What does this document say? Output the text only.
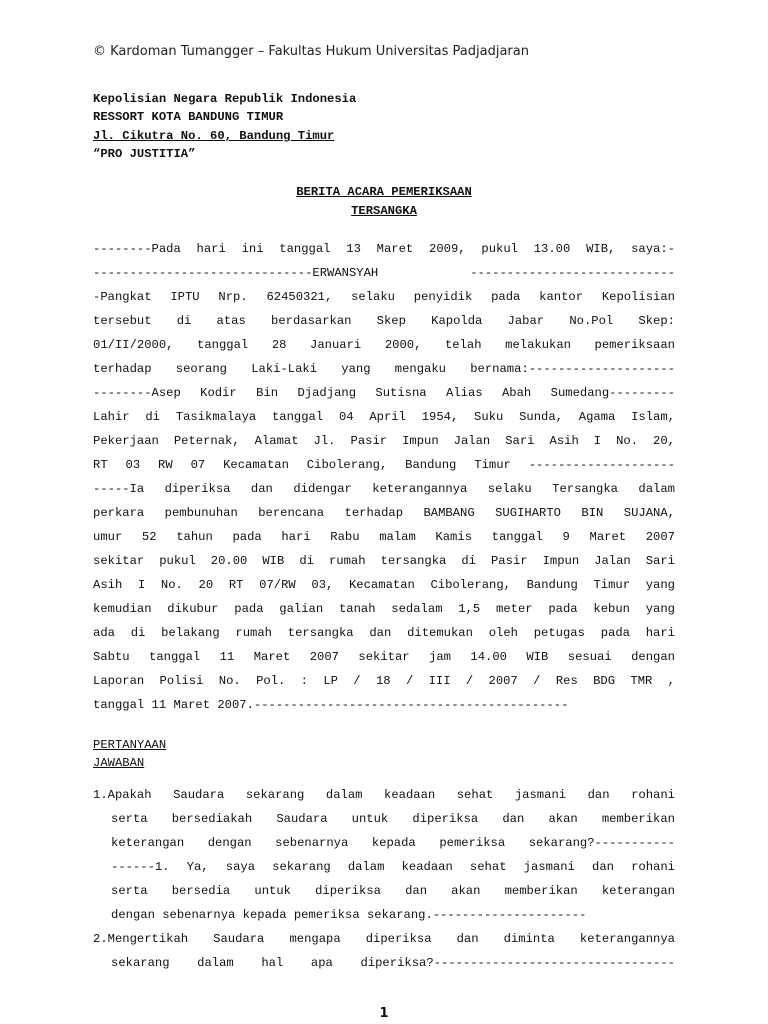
© Kardoman Tumangger – Fakultas Hukum Universitas Padjadjaran
Kepolisian Negara Republik Indonesia
RESSORT KOTA BANDUNG TIMUR
Jl. Cikutra No. 60, Bandung Timur
“PRO JUSTITIA”
BERITA ACARA PEMERIKSAAN
TERSANGKA
--------Pada hari ini tanggal 13 Maret 2009, pukul 13.00 WIB, saya:-
------------------------------ERWANSYAH ----------------------------
-Pangkat IPTU Nrp. 62450321, selaku penyidik pada kantor Kepolisian
tersebut di atas berdasarkan Skep Kapolda Jabar No.Pol Skep:
01/II/2000, tanggal 28 Januari 2000, telah melakukan pemeriksaan
terhadap seorang Laki-Laki yang mengaku bernama:--------------------
--------Asep Kodir Bin Djadjang Sutisna Alias Abah Sumedang---------
Lahir di Tasikmalaya tanggal 04 April 1954, Suku Sunda, Agama Islam,
Pekerjaan Peternak, Alamat Jl. Pasir Impun Jalan Sari Asih I No. 20,
RT 03 RW 07 Kecamatan Cibolerang, Bandung Timur --------------------
-----Ia diperiksa dan didengar keterangannya selaku Tersangka dalam
perkara pembunuhan berencana terhadap BAMBANG SUGIHARTO BIN SUJANA,
umur 52 tahun pada hari Rabu malam Kamis tanggal 9 Maret 2007
sekitar pukul 20.00 WIB di rumah tersangka di Pasir Impun Jalan Sari
Asih I No. 20 RT 07/RW 03, Kecamatan Cibolerang, Bandung Timur yang
kemudian dikubur pada galian tanah sedalam 1,5 meter pada kebun yang
ada di belakang rumah tersangka dan ditemukan oleh petugas pada hari
Sabtu tanggal 11 Maret 2007 sekitar jam 14.00 WIB sesuai dengan
Laporan Polisi No. Pol. : LP / 18 / III / 2007 / Res BDG TMR ,
tanggal 11 Maret 2007.-------------------------------------------
PERTANYAAN
JAWABAN
1.Apakah Saudara sekarang dalam keadaan sehat jasmani dan rohani
serta bersediakah Saudara untuk diperiksa dan akan memberikan
keterangan dengan sebenarnya kepada pemeriksa sekarang?-----------
------1. Ya, saya sekarang dalam keadaan sehat jasmani dan rohani
serta bersedia untuk diperiksa dan akan memberikan keterangan
dengan sebenarnya kepada pemeriksa sekarang.---------------------
2.Mengertikah Saudara mengapa diperiksa dan diminta keterangannya
sekarang dalam hal apa diperiksa?---------------------------------
1
